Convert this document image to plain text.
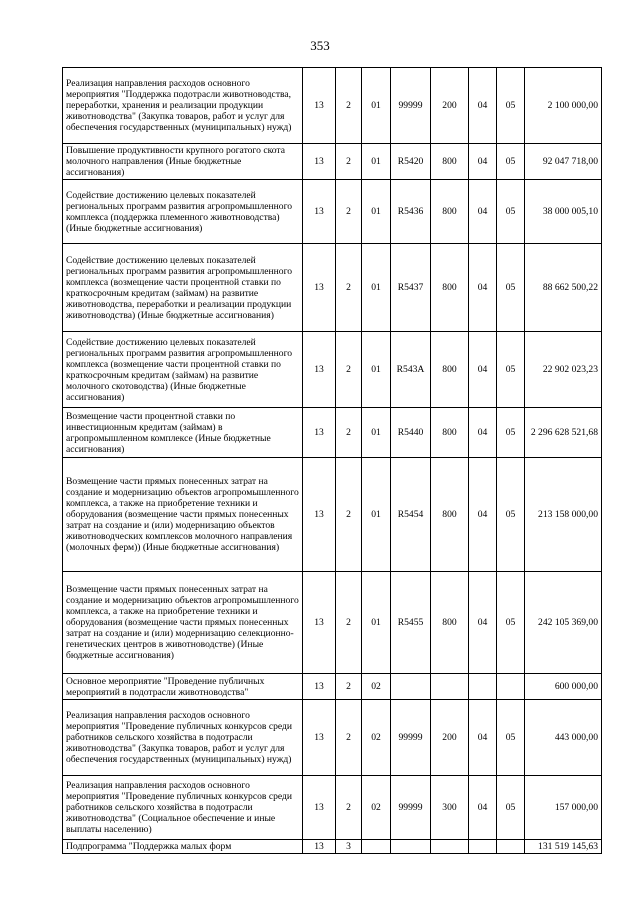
353
Реализация направления расходов основного мероприятия "Поддержка подотрасли животноводства, переработки, хранения и реализации продукции животноводства" (Закупка товаров, работ и услуг для обеспечения государственных (муниципальных) нужд)	13	2	01	99999	200	04	05	2 100 000,00
Повышение продуктивности крупного рогатого скота молочного направления (Иные бюджетные ассигнования)	13	2	01	R5420	800	04	05	92 047 718,00
Содействие достижению целевых показателей региональных программ развития агропромышленного комплекса (поддержка племенного животноводства) (Иные бюджетные ассигнования)	13	2	01	R5436	800	04	05	38 000 005,10
Содействие достижению целевых показателей региональных программ развития агропромышленного комплекса (возмещение части процентной ставки по краткосрочным кредитам (займам) на развитие животноводства, переработки и реализации продукции животноводства) (Иные бюджетные ассигнования)	13	2	01	R5437	800	04	05	88 662 500,22
Содействие достижению целевых показателей региональных программ развития агропромышленного комплекса (возмещение части процентной ставки по краткосрочным кредитам (займам) на развитие молочного скотоводства) (Иные бюджетные ассигнования)	13	2	01	R543A	800	04	05	22 902 023,23
Возмещение части процентной ставки по инвестиционным кредитам (займам) в агропромышленном комплексе (Иные бюджетные ассигнования)	13	2	01	R5440	800	04	05	2 296 628 521,68
Возмещение части прямых понесенных затрат на создание и модернизацию объектов агропромышленного комплекса, а также на приобретение техники и оборудования (возмещение части прямых понесенных затрат на создание и (или) модернизацию объектов животноводческих комплексов молочного направления (молочных ферм)) (Иные бюджетные ассигнования)	13	2	01	R5454	800	04	05	213 158 000,00
Возмещение части прямых понесенных затрат на создание и модернизацию объектов агропромышленного комплекса, а также на приобретение техники и оборудования (возмещение части прямых понесенных затрат на создание и (или) модернизацию селекционно-генетических центров в животноводстве) (Иные бюджетные ассигнования)	13	2	01	R5455	800	04	05	242 105 369,00
Основное мероприятие "Проведение публичных мероприятий в подотрасли животноводства"	13	2	02					600 000,00
Реализация направления расходов основного мероприятия "Проведение публичных конкурсов среди работников сельского хозяйства в подотрасли животноводства" (Закупка товаров, работ и услуг для обеспечения государственных (муниципальных) нужд)	13	2	02	99999	200	04	05	443 000,00
Реализация направления расходов основного мероприятия "Проведение публичных конкурсов среди работников сельского хозяйства в подотрасли животноводства" (Социальное обеспечение и иные выплаты населению)	13	2	02	99999	300	04	05	157 000,00
Подпрограмма "Поддержка малых форм	13	3						131 519 145,63
